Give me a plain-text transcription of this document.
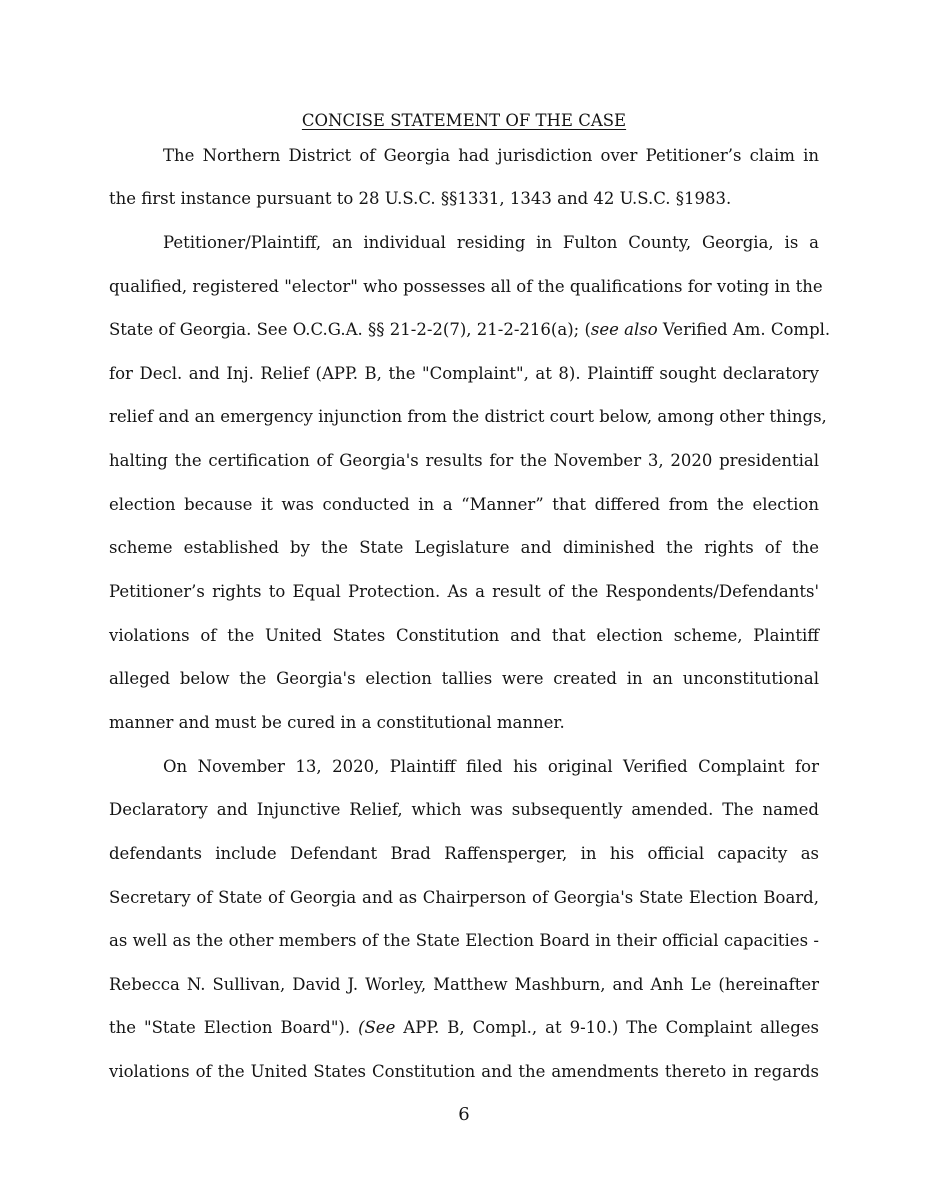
CONCISE STATEMENT OF THE CASE

The Northern District of Georgia had jurisdiction over Petitioner’s claim in

the first instance pursuant to 28 U.S.C. §§1331, 1343 and 42 U.S.C. §1983.

Petitioner/Plaintiff, an individual residing in Fulton County, Georgia, is a

qualified, registered "elector" who possesses all of the qualifications for voting in the

State of Georgia. See O.C.G.A. §§ 21-2-2(7), 21-2-216(a); (see also Verified Am. Compl.

for Decl. and Inj. Relief (APP. B, the "Complaint", at 8). Plaintiff sought declaratory

relief and an emergency injunction from the district court below, among other things,

halting the certification of Georgia's results for the November 3, 2020 presidential

election because it was conducted in a “Manner” that differed from the election

scheme established by the State Legislature and diminished the rights of the

Petitioner’s rights to Equal Protection. As a result of the Respondents/Defendants'

violations of the United States Constitution and that election scheme, Plaintiff

alleged below the Georgia's election tallies were created in an unconstitutional

manner and must be cured in a constitutional manner.

On November 13, 2020, Plaintiff filed his original Verified Complaint for

Declaratory and Injunctive Relief, which was subsequently amended. The named

defendants include Defendant Brad Raffensperger, in his official capacity as

Secretary of State of Georgia and as Chairperson of Georgia's State Election Board,

as well as the other members of the State Election Board in their official capacities -

Rebecca N. Sullivan, David J. Worley, Matthew Mashburn, and Anh Le (hereinafter

the "State Election Board"). (See APP. B, Compl., at 9-10.) The Complaint alleges

violations of the United States Constitution and the amendments thereto in regards

6
